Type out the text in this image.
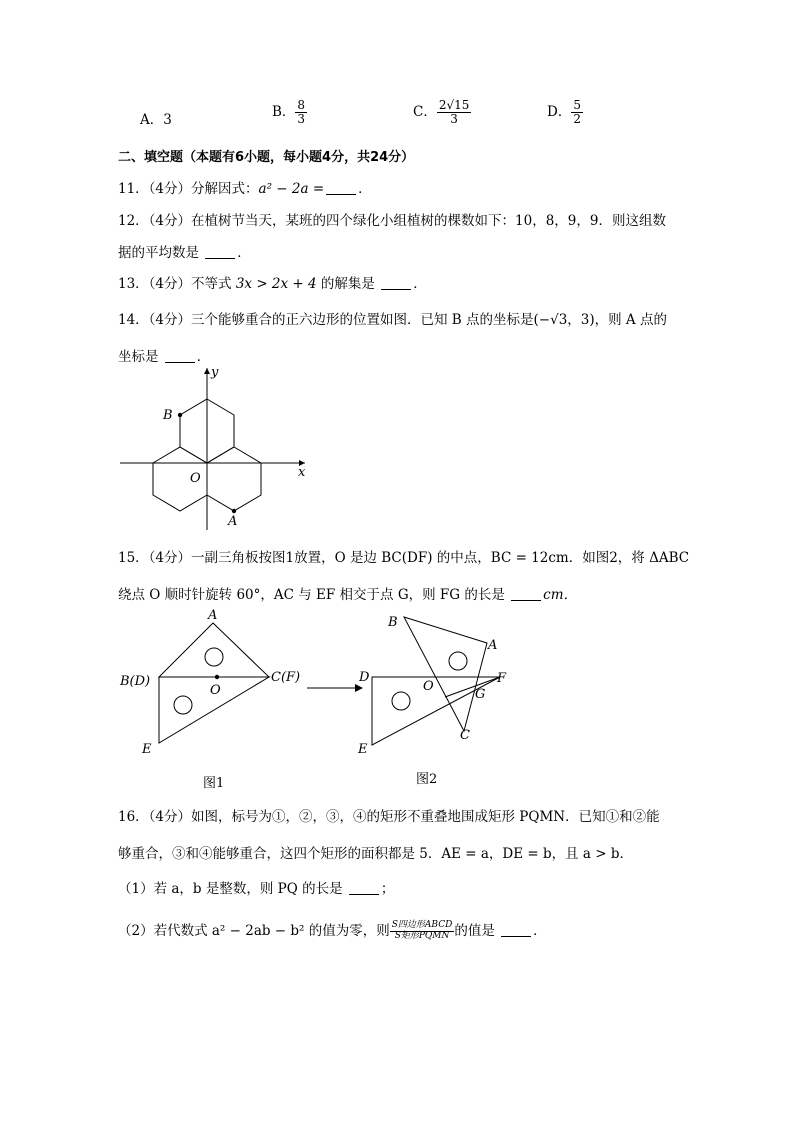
A．3	B． $\frac{8}{3}$	C． $\frac{2√15}{3}$	D． $\frac{5}{2}$
二、填空题（本题有6小题，每小题4分，共24分）
11．（4分）分解因式：a² − 2a =	．
12．（4分）在植树节当天，某班的四个绿化小组植树的棵数如下：10，8，9，9．则这组数
据的平均数是	．
13．（4分）不等式 3x > 2x + 4 的解集是	．
14．（4分）三个能够重合的正六边形的位置如图．已知 B 点的坐标是(−√3，3)，则 A 点的
坐标是	．
y
x
O
B
A
15．（4分）一副三角板按图1放置，O 是边 BC(DF) 的中点，BC = 12cm．如图2，将 ΔABC
绕点 O 顺时针旋转 60°，AC 与 EF 相交于点 G，则 FG 的长是	cm．
A
B(D)	C(F)
O
E
图1
B
A
D
O
F
G
E
C
图2
16．（4分）如图，标号为①，②，③，④的矩形不重叠地围成矩形 PQMN．已知①和②能
够重合，③和④能够重合，这四个矩形的面积都是 5．AE = a，DE = b，且 a > b．
（1）若 a，b 是整数，则 PQ 的长是	；
（2）若代数式 a² − 2ab − b² 的值为零，则 $\frac{\text{S四边形ABCD}}{\text{S矩形PQMN}}$ 的值是	．
